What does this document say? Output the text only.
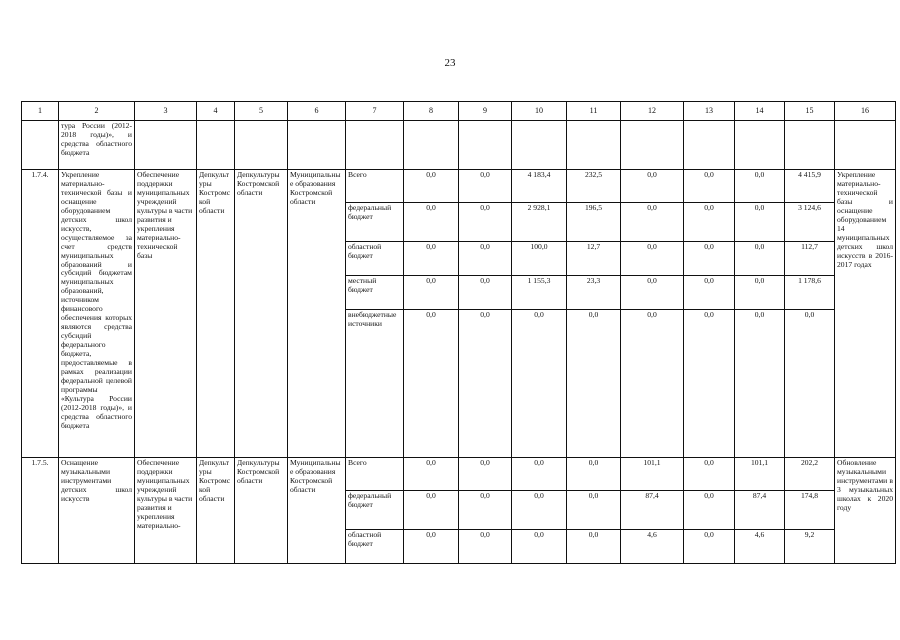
23
1	2	3	4	5	6	7	8	9	10	11	12	13	14	15	16
	тура России (2012-2018 годы)», и средства областного бюджета														
1.7.4.	Укрепление материально-технической базы и оснащение оборудованием детских школ искусств, осуществляемое за счет средств муниципальных образований и субсидий бюджетам муниципальных образований, источником финансового обеспечения которых являются средства субсидий федерального бюджета, предоставляемые в рамках реализации федеральной целевой программы «Культура России (2012-2018 годы)», и средства областного бюджета	Обеспечение поддержки муниципальных учреждений культуры в части развития и укрепления материально-технической базы	Депкультуры Костромской области	Депкультуры Костромской области	Муниципальные образования Костромской области	Всего	0,0	0,0	4 183,4	232,5	0,0	0,0	0,0	4 415,9	Укрепление материально-технической базы и оснащение оборудованием 14 муниципальных детских школ искусств в 2016-2017 годах
						федеральный бюджет	0,0	0,0	2 928,1	196,5	0,0	0,0	0,0	3 124,6	
						областной бюджет	0,0	0,0	100,0	12,7	0,0	0,0	0,0	112,7	
						местный бюджет	0,0	0,0	1 155,3	23,3	0,0	0,0	0,0	1 178,6	
						внебюджетные источники	0,0	0,0	0,0	0,0	0,0	0,0	0,0	0,0	
1.7.5.	Оснащение музыкальными инструментами детских школ искусств	Обеспечение поддержки муниципальных учреждений культуры в части развития и укрепления материально-	Депкультуры Костромской области	Депкультуры Костромской области	Муниципальные образования Костромской области	Всего	0,0	0,0	0,0	0,0	101,1	0,0	101,1	202,2	Обновление музыкальными инструментами в 3 музыкальных школах к 2020 году
						федеральный бюджет	0,0	0,0	0,0	0,0	87,4	0,0	87,4	174,8	
						областной бюджет	0,0	0,0	0,0	0,0	4,6	0,0	4,6	9,2	
